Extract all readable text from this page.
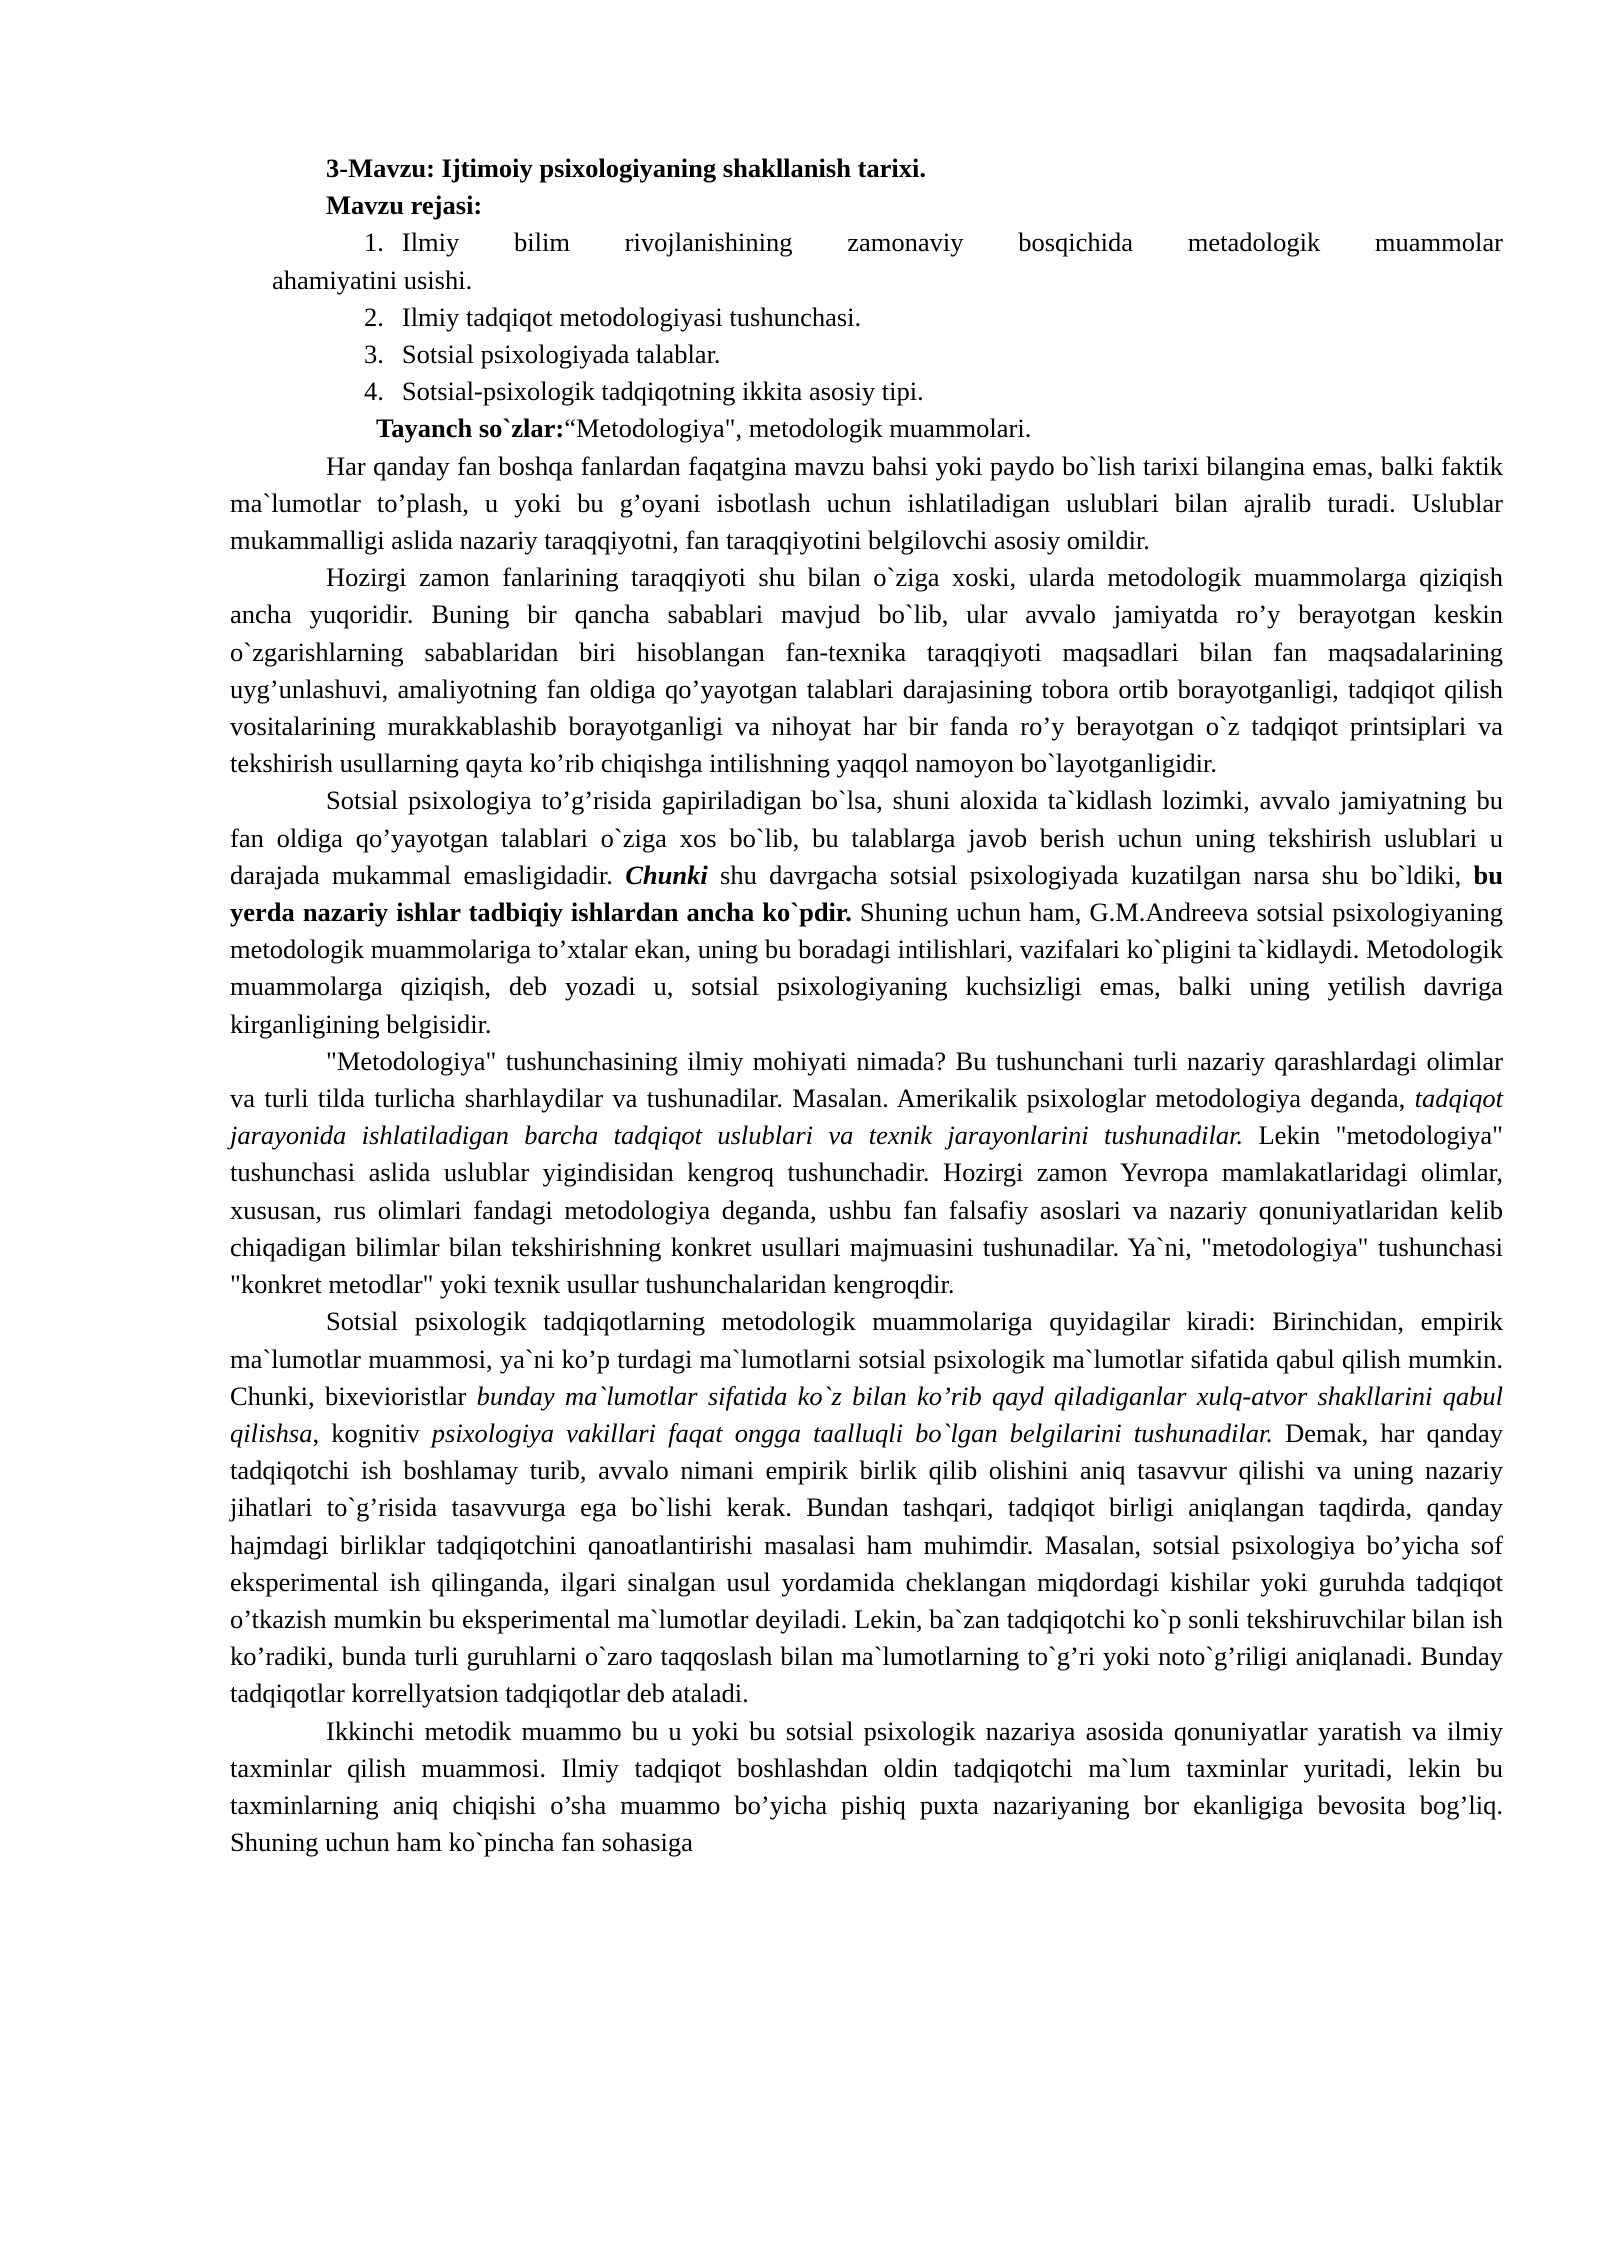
3-Mavzu: Ijtimoiy psixologiyaning shakllanish tarixi.

Mavzu rejasi:

1. Ilmiy bilim rivojlanishining zamonaviy bosqichida metadologik muammolar
ahamiyatini usishi.
2. Ilmiy tadqiqot metodologiyasi tushunchasi.
3. Sotsial psixologiyada talablar.
4. Sotsial-psixologik tadqiqotning ikkita asosiy tipi.

Tayanch so`zlar:“Metodologiya", metodologik muammolari.

Har qanday fan boshqa fanlardan faqatgina mavzu bahsi yoki paydo bo`lish tarixi bilangina emas, balki faktik ma`lumotlar to’plash, u yoki bu g’oyani isbotlash uchun ishlatiladigan uslublari bilan ajralib turadi. Uslublar mukammalligi aslida nazariy taraqqiyotni, fan taraqqiyotini belgilovchi asosiy omildir.

Hozirgi zamon fanlarining taraqqiyoti shu bilan o`ziga xoski, ularda metodologik muammolarga qiziqish ancha yuqoridir. Buning bir qancha sabablari mavjud bo`lib, ular avvalo jamiyatda ro’y berayotgan keskin o`zgarishlarning sabablaridan biri hisoblangan fan-texnika taraqqiyoti maqsadlari bilan fan maqsadalarining uyg’unlashuvi, amaliyotning fan oldiga qo’yayotgan talablari darajasining tobora ortib borayotganligi, tadqiqot qilish vositalarining murakkablashib borayotganligi va nihoyat har bir fanda ro’y berayotgan o`z tadqiqot printsiplari va tekshirish usullarning qayta ko’rib chiqishga intilishning yaqqol namoyon bo`layotganligidir.

Sotsial psixologiya to’g’risida gapiriladigan bo`lsa, shuni aloxida ta`kidlash lozimki, avvalo jamiyatning bu fan oldiga qo’yayotgan talablari o`ziga xos bo`lib, bu talablarga javob berish uchun uning tekshirish uslublari u darajada mukammal emasligidadir. Chunki shu davrgacha sotsial psixologiyada kuzatilgan narsa shu bo`ldiki, bu yerda nazariy ishlar tadbiqiy ishlardan ancha ko`pdir. Shuning uchun ham, G.M.Andreeva sotsial psixologiyaning metodologik muammolariga to’xtalar ekan, uning bu boradagi intilishlari, vazifalari ko`pligini ta`kidlaydi. Metodologik muammolarga qiziqish, deb yozadi u, sotsial psixologiyaning kuchsizligi emas, balki uning yetilish davriga kirganligining belgisidir.

"Metodologiya" tushunchasining ilmiy mohiyati nimada? Bu tushunchani turli nazariy qarashlardagi olimlar va turli tilda turlicha sharhlaydilar va tushunadilar. Masalan. Amerikalik psixologlar metodologiya deganda, tadqiqot jarayonida ishlatiladigan barcha tadqiqot uslublari va texnik jarayonlarini tushunadilar. Lekin "metodologiya" tushunchasi aslida uslublar yigindisidan kengroq tushunchadir. Hozirgi zamon Yevropa mamlakatlaridagi olimlar, xususan, rus olimlari fandagi metodologiya deganda, ushbu fan falsafiy asoslari va nazariy qonuniyatlaridan kelib chiqadigan bilimlar bilan tekshirishning konkret usullari majmuasini tushunadilar. Ya`ni, "metodologiya" tushunchasi "konkret metodlar" yoki texnik usullar tushunchalaridan kengroqdir.

Sotsial psixologik tadqiqotlarning metodologik muammolariga quyidagilar kiradi: Birinchidan, empirik ma`lumotlar muammosi, ya`ni ko’p turdagi ma`lumotlarni sotsial psixologik ma`lumotlar sifatida qabul qilish mumkin. Chunki, bixevioristlar bunday ma`lumotlar sifatida ko`z bilan ko’rib qayd qiladiganlar xulq-atvor shakllarini qabul qilishsa, kognitiv psixologiya vakillari faqat ongga taalluqli bo`lgan belgilarini tushunadilar. Demak, har qanday tadqiqotchi ish boshlamay turib, avvalo nimani empirik birlik qilib olishini aniq tasavvur qilishi va uning nazariy jihatlari to`g’risida tasavvurga ega bo`lishi kerak. Bundan tashqari, tadqiqot birligi aniqlangan taqdirda, qanday hajmdagi birliklar tadqiqotchini qanoatlantirishi masalasi ham muhimdir. Masalan, sotsial psixologiya bo’yicha sof eksperimental ish qilinganda, ilgari sinalgan usul yordamida cheklangan miqdordagi kishilar yoki guruhda tadqiqot o’tkazish mumkin bu eksperimental ma`lumotlar deyiladi. Lekin, ba`zan tadqiqotchi ko`p sonli tekshiruvchilar bilan ish ko’radiki, bunda turli guruhlarni o`zaro taqqoslash bilan ma`lumotlarning to`g’ri yoki noto`g’riligi aniqlanadi. Bunday tadqiqotlar korrellyatsion tadqiqotlar deb ataladi.

Ikkinchi metodik muammo bu u yoki bu sotsial psixologik nazariya asosida qonuniyatlar yaratish va ilmiy taxminlar qilish muammosi. Ilmiy tadqiqot boshlashdan oldin tadqiqotchi ma`lum taxminlar yuritadi, lekin bu taxminlarning aniq chiqishi o’sha muammo bo’yicha pishiq puxta nazariyaning bor ekanligiga bevosita bog’liq. Shuning uchun ham ko`pincha fan sohasiga
